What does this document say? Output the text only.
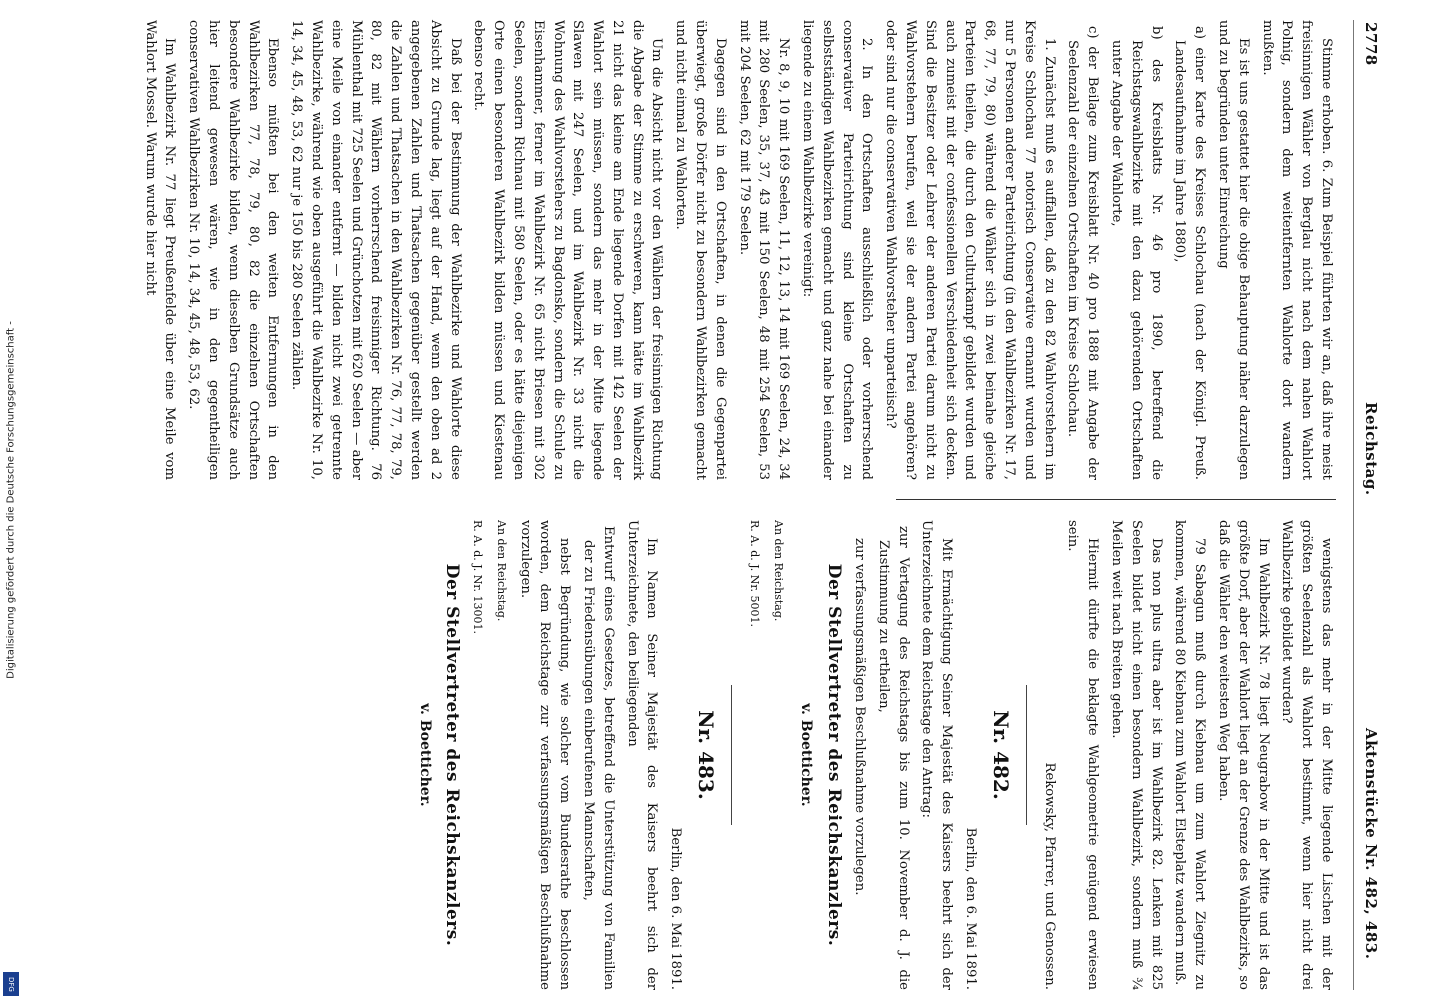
Digitalisierung gefördert durch die Deutsche Forschungsgemeinschaft -
DFG
2778
Reichstag.
Aktenstücke Nr. 482, 483.

Stimme erhoben. 6. Zum Beispiel führten wir an, daß ihre meist freisinnigen Wähler von Berglau nicht nach dem nahen Wahlort Polnig, sondern dem weitentfernten Wahlorte dort wandern mußten.

Es ist uns gestattet hier die obige Behauptung näher darzulegen und zu begründen unter Einreichung

a) einer Karte des Kreises Schlochau (nach der Königl. Preuß. Landesaufnahme im Jahre 1880),

b) des Kreisblatts Nr. 46 pro 1890, betreffend die Reichstagswahlbezirke mit den dazu gehörenden Ortschaften unter Angabe der Wahlorte,

c) der Beilage zum Kreisblatt Nr. 40 pro 1888 mit Angabe der Seelenzahl der einzelnen Ortschaften im Kreise Schlochau.

1. Zunächst muß es auffallen, daß zu den 82 Wahlvorstehern im Kreise Schlochau 77 notorisch Conservative ernannt wurden und nur 5 Personen anderer Parteirichtung (in den Wahlbezirken Nr. 17, 68, 77, 79, 80) während die Wähler sich in zwei beinahe gleiche Parteien theilen, die durch den Culturkampf gebildet wurden und auch zumeist mit der confessionellen Verschiedenheit sich decken. Sind die Besitzer oder Lehrer der anderen Partei darum nicht zu Wahlvorstehern berufen, weil sie der andern Partei angehören? oder sind nur die conservativen Wahlvorsteher unparteiisch?

2. In den Ortschaften ausschließlich oder vorherrschend conservativer Parteirichtung sind kleine Ortschaften zu selbstständigen Wahlbezirken gemacht und ganz nahe bei einander liegende zu einem Wahlbezirke vereinigt:

Nr. 8, 9, 10 mit 169 Seelen, 11, 12, 13, 14 mit 169 Seelen, 24, 34 mit 280 Seelen, 35, 37, 43 mit 150 Seelen, 48 mit 254 Seelen, 53 mit 204 Seelen, 62 mit 179 Seelen.

Dagegen sind in den Ortschaften, in denen die Gegenpartei überwiegt, große Dörfer nicht zu besondern Wahlbezirken gemacht und nicht einmal zu Wahlorten.

Um die Absicht nicht vor den Wählern der freisinnigen Richtung die Abgabe der Stimme zu erschweren, kann hätte im Wahlbezirk 21 nicht das kleine am Ende liegende Dorfen mit 142 Seelen der Wahlort sein müssen, sondern das mehr in der Mitte liegende Slawen mit 247 Seelen, und im Wahlbezirk Nr. 33 nicht die Wohnung des Wahlvorstehers zu Bagdonsko, sondern die Schule zu Eisenhammer, ferner im Wahlbezirk Nr. 65 nicht Briesen mit 302 Seelen, sondern Richnau mit 580 Seelen, oder es hätte diejenigen Orte einen besonderen Wahlbezirk bilden müssen und Kiestenau ebenso recht.

Daß bei der Bestimmung der Wahlbezirke und Wahlorte diese Absicht zu Grunde lag, liegt auf der Hand, wenn den oben ad 2 angegebenen Zahlen und Thatsachen gegenüber gestellt werden die Zahlen und Thatsachen in den Wahlbezirken Nr. 76, 77, 78, 79, 80, 82 mit Wählern vorherrschend freisinniger Richtung. 76 Mühlenthal mit 725 Seelen und Grünchotzen mit 620 Seelen — aber eine Meile von einander entfernt — bilden nicht zwei getrennte Wahlbezirke, während wie oben ausgeführt die Wahlbezirke Nr. 10, 14, 34, 45, 48, 53, 62 nur je 150 bis 280 Seelen zählen.

Ebenso müßten bei den weiten Entfernungen in den Wahlbezirken 77, 78, 79, 80, 82 die einzelnen Ortschaften besondere Wahlbezirke bilden, wenn dieselben Grundsätze auch hier leitend gewesen wären, wie in den gegentheiligen conservativen Wahlbezirken Nr. 10, 14, 34, 45, 48, 53, 62.

Im Wahlbezirk Nr. 77 liegt Preußenfelde über eine Meile vom Wahlort Mossel. Warum wurde hier nicht

wenigstens das mehr in der Mitte liegende Lischen mit der größten Seelenzahl als Wahlort bestimmt, wenn hier nicht drei Wahlbezirke gebildet wurden?

Im Wahlbezirk Nr. 78 liegt Neugrabow in der Mitte und ist das größte Dorf, aber der Wahlort liegt an der Grenze des Wahlbezirks, so daß die Wähler den weitesten Weg haben.

79 Sabagun muß durch Kiebnau um zum Wahlort Ziegnitz zu kommen, während 80 Kiebnau zum Wahlort Elsteplatz wandern muß.

Das non plus ultra aber ist im Wahlbezirk 82. Lenken mit 825 Seelen bildet nicht einen besondern Wahlbezirk, sondern muß ¾ Meilen weit nach Breiten gehen.

Hiermit dürfte die beklagte Wahlgeometrie genügend erwiesen sein.

Rekowsky, Pfarrer, und Genossen.

Nr. 482.

Berlin, den 6. Mai 1891.

Mit Ermächtigung Seiner Majestät des Kaisers beehrt sich der Unterzeichnete dem Reichstage den Antrag:

zur Vertagung des Reichstags bis zum 10. November d. J. die Zustimmung zu ertheilen,

zur verfassungsmäßigen Beschlußnahme vorzulegen.

Der Stellvertreter des Reichskanzlers.
v. Boetticher.

An den Reichstag.

R. A. d. J. Nr. 5001.

Nr. 483.

Berlin, den 6. Mai 1891.

Im Namen Seiner Majestät des Kaisers beehrt sich der Unterzeichnete, den beiliegenden

Entwurf eines Gesetzes, betreffend die Unterstützung von Familien der zu Friedensübungen einberufenen Mannschaften,

nebst Begründung, wie solcher vom Bundesrathe beschlossen worden, dem Reichstage zur verfassungsmäßigen Beschlußnahme vorzulegen.

An den Reichstag.

R. A. d. J. Nr. 13001.

Der Stellvertreter des Reichskanzlers.
v. Boetticher.
